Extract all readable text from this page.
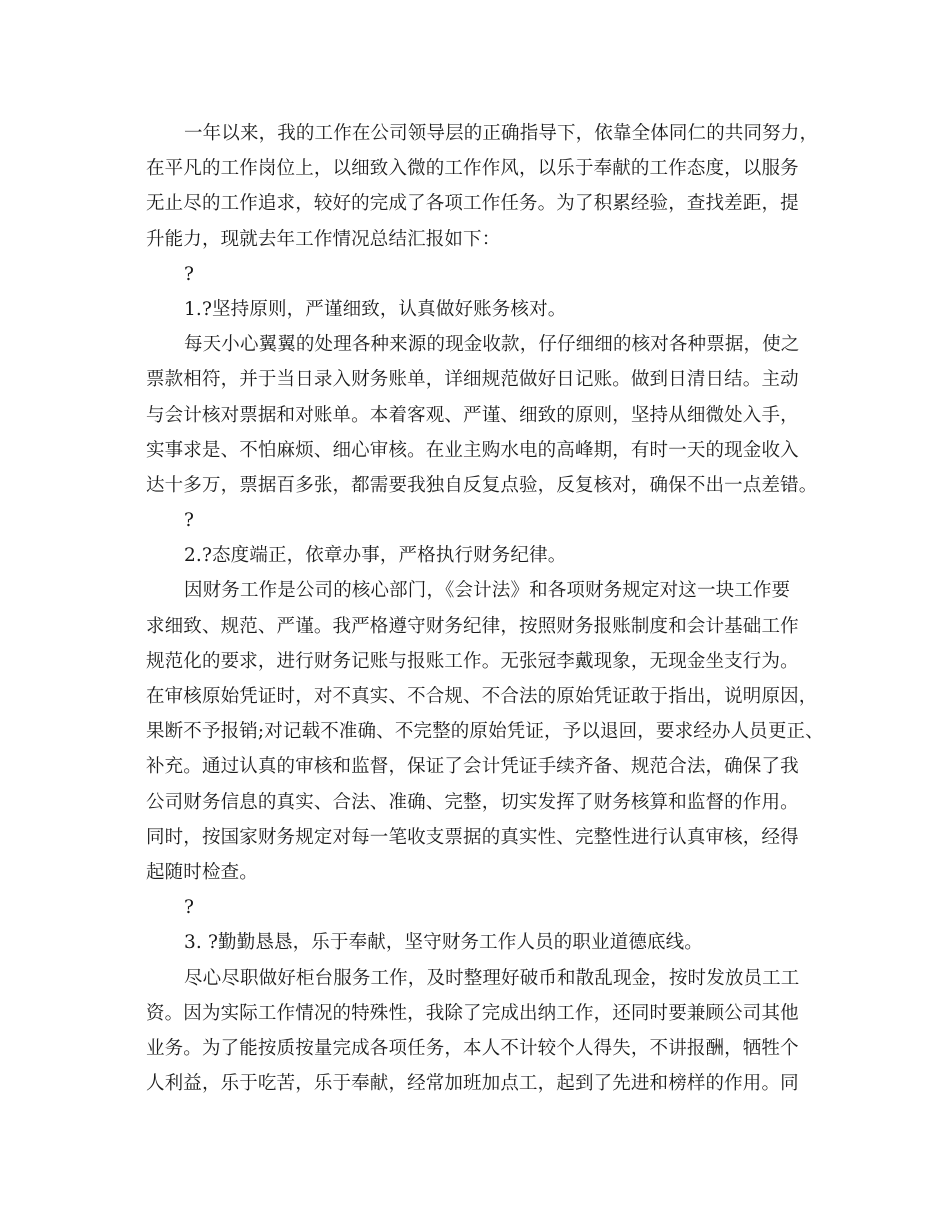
一年以来，我的工作在公司领导层的正确指导下，依靠全体同仁的共同努力，
在平凡的工作岗位上，以细致入微的工作作风，以乐于奉献的工作态度，以服务
无止尽的工作追求，较好的完成了各项工作任务。为了积累经验，查找差距，提
升能力，现就去年工作情况总结汇报如下：
?
1.?坚持原则，严谨细致，认真做好账务核对。
每天小心翼翼的处理各种来源的现金收款，仔仔细细的核对各种票据，使之
票款相符，并于当日录入财务账单，详细规范做好日记账。做到日清日结。主动
与会计核对票据和对账单。本着客观、严谨、细致的原则，坚持从细微处入手，
实事求是、不怕麻烦、细心审核。在业主购水电的高峰期，有时一天的现金收入
达十多万，票据百多张，都需要我独自反复点验，反复核对，确保不出一点差错。
?
2.?态度端正，依章办事，严格执行财务纪律。
因财务工作是公司的核心部门，《会计法》和各项财务规定对这一块工作要
求细致、规范、严谨。我严格遵守财务纪律，按照财务报账制度和会计基础工作
规范化的要求，进行财务记账与报账工作。无张冠李戴现象，无现金坐支行为。
在审核原始凭证时，对不真实、不合规、不合法的原始凭证敢于指出，说明原因，
果断不予报销;对记载不准确、不完整的原始凭证，予以退回，要求经办人员更正、
补充。通过认真的审核和监督，保证了会计凭证手续齐备、规范合法，确保了我
公司财务信息的真实、合法、准确、完整，切实发挥了财务核算和监督的作用。
同时，按国家财务规定对每一笔收支票据的真实性、完整性进行认真审核，经得
起随时检查。
?
3. ?勤勤恳恳，乐于奉献，坚守财务工作人员的职业道德底线。
尽心尽职做好柜台服务工作，及时整理好破币和散乱现金，按时发放员工工
资。因为实际工作情况的特殊性，我除了完成出纳工作，还同时要兼顾公司其他
业务。为了能按质按量完成各项任务，本人不计较个人得失，不讲报酬，牺牲个
人利益，乐于吃苦，乐于奉献，经常加班加点工，起到了先进和榜样的作用。同
